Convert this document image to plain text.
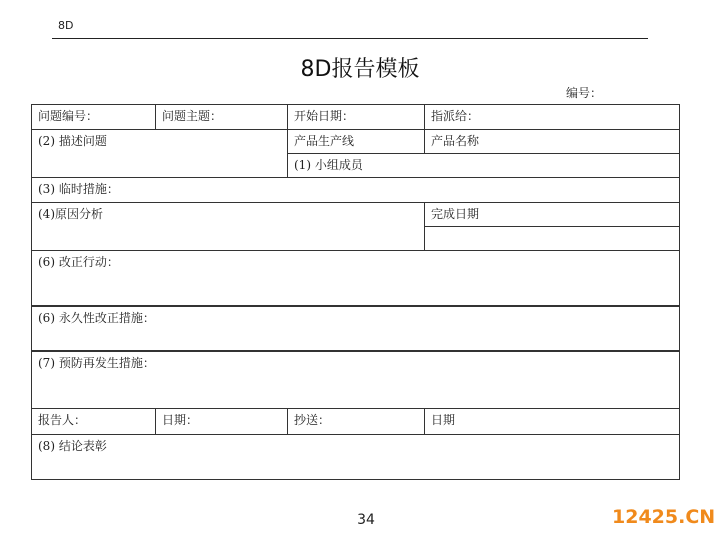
8D
8D报告模板
编号：
问题编号：	问题主题：	开始日期：	指派给：
(2) 描述问题		产品生产线	产品名称
		(1) 小组成员	
(3) 临时措施：			
(4)原因分析			完成日期

(6) 改正行动：			
(6) 永久性改正措施：			
(7) 预防再发生措施：			
报告人：	日期：	抄送：	日期
(8) 结论表彰			
34	12425.CN
